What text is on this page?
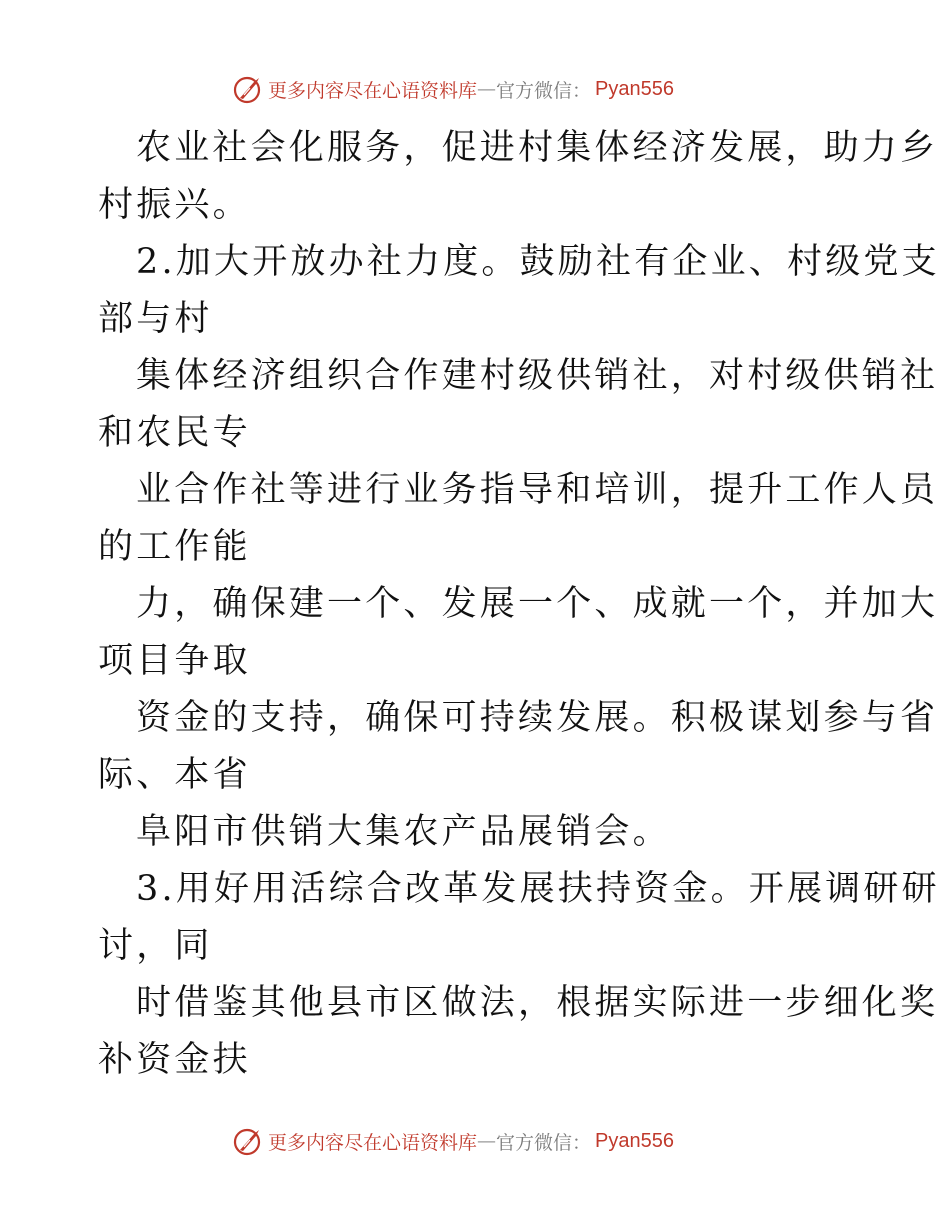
更多内容尽在心语资料库 — 官方微信： Pyan556
农业社会化服务，促进村集体经济发展，助力乡
村振兴。
2.加大开放办社力度。鼓励社有企业、村级党支
部与村
集体经济组织合作建村级供销社，对村级供销社
和农民专
业合作社等进行业务指导和培训，提升工作人员
的工作能
力，确保建一个、发展一个、成就一个，并加大
项目争取
资金的支持，确保可持续发展。积极谋划参与省
际、本省
阜阳市供销大集农产品展销会。
3.用好用活综合改革发展扶持资金。开展调研研
讨，同
时借鉴其他县市区做法，根据实际进一步细化奖
补资金扶
更多内容尽在心语资料库 — 官方微信： Pyan556
